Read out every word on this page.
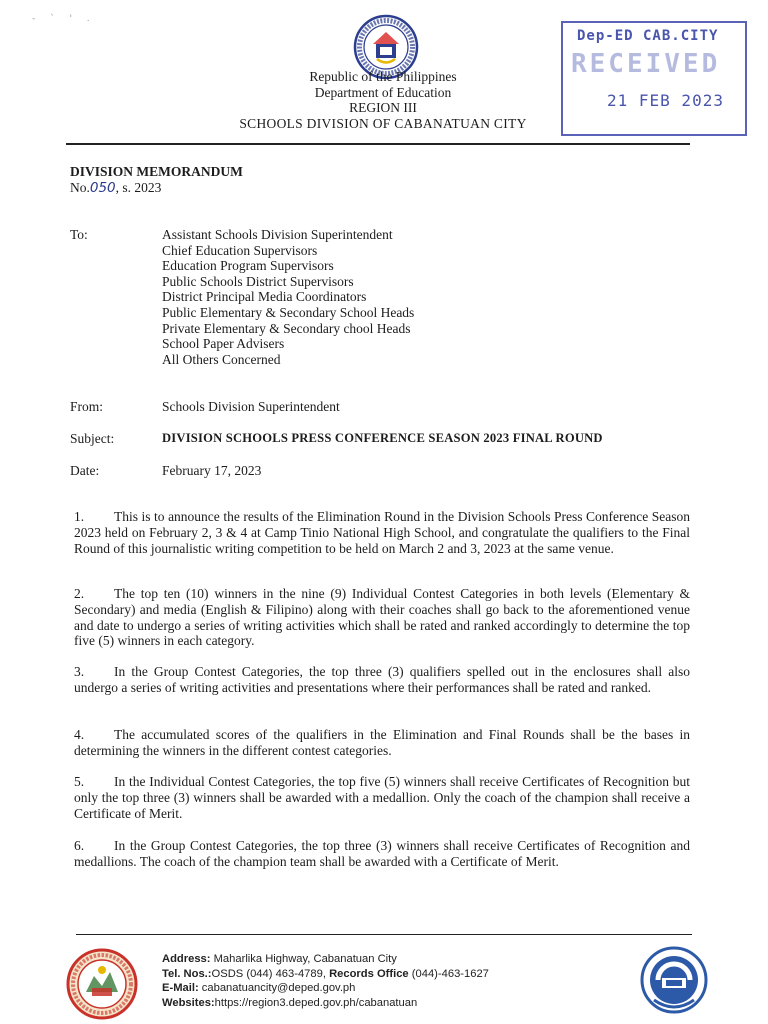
- ` ' .
Republic of the Philippines
Department of Education
REGION III
SCHOOLS DIVISION OF CABANATUAN CITY
Dep-ED CAB.CITY
RECEIVED
21 FEB 2023
DIVISION MEMORANDUM
No.050, s. 2023
To:	Assistant Schools Division Superintendent
Chief Education Supervisors
Education Program Supervisors
Public Schools District Supervisors
District Principal Media Coordinators
Public Elementary & Secondary School Heads
Private Elementary & Secondary chool Heads
School Paper Advisers
All Others Concerned
From:	Schools Division Superintendent
Subject:	DIVISION SCHOOLS PRESS CONFERENCE SEASON 2023 FINAL ROUND
Date:	February 17, 2023
1. This is to announce the results of the Elimination Round in the Division Schools Press Conference Season 2023 held on February 2, 3 & 4 at Camp Tinio National High School, and congratulate the qualifiers to the Final Round of this journalistic writing competition to be held on March 2 and 3, 2023 at the same venue.
2. The top ten (10) winners in the nine (9) Individual Contest Categories in both levels (Elementary & Secondary) and media (English & Filipino) along with their coaches shall go back to the aforementioned venue and date to undergo a series of writing activities which shall be rated and ranked accordingly to determine the top five (5) winners in each category.
3. In the Group Contest Categories, the top three (3) qualifiers spelled out in the enclosures shall also undergo a series of writing activities and presentations where their performances shall be rated and ranked.
4. The accumulated scores of the qualifiers in the Elimination and Final Rounds shall be the bases in determining the winners in the different contest categories.
5. In the Individual Contest Categories, the top five (5) winners shall receive Certificates of Recognition but only the top three (3) winners shall be awarded with a medallion. Only the coach of the champion shall receive a Certificate of Merit.
6. In the Group Contest Categories, the top three (3) winners shall receive Certificates of Recognition and medallions. The coach of the champion team shall be awarded with a Certificate of Merit.
Address: Maharlika Highway, Cabanatuan City
Tel. Nos.:OSDS (044) 463-4789, Records Office (044)-463-1627
E-Mail: cabanatuancity@deped.gov.ph
Websites:https://region3.deped.gov.ph/cabanatuan
